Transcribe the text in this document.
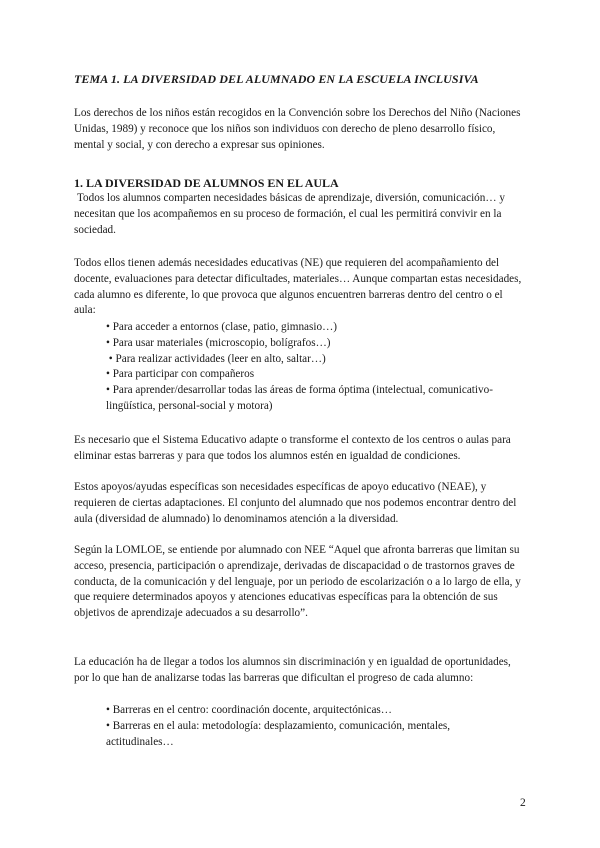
TEMA 1. LA DIVERSIDAD DEL ALUMNADO EN LA ESCUELA INCLUSIVA

Los derechos de los niños están recogidos en la Convención sobre los Derechos del Niño (Naciones Unidas, 1989) y reconoce que los niños son individuos con derecho de pleno desarrollo físico, mental y social, y con derecho a expresar sus opiniones.

1. LA DIVERSIDAD DE ALUMNOS EN EL AULA

Todos los alumnos comparten necesidades básicas de aprendizaje, diversión, comunicación… y necesitan que los acompañemos en su proceso de formación, el cual les permitirá convivir en la sociedad.

Todos ellos tienen además necesidades educativas (NE) que requieren del acompañamiento del docente, evaluaciones para detectar dificultades, materiales… Aunque compartan estas necesidades, cada alumno es diferente, lo que provoca que algunos encuentren barreras dentro del centro o el aula:

• Para acceder a entornos (clase, patio, gimnasio…)
• Para usar materiales (microscopio, bolígrafos…)
• Para realizar actividades (leer en alto, saltar…)
• Para participar con compañeros
• Para aprender/desarrollar todas las áreas de forma óptima (intelectual, comunicativo-lingüística, personal-social y motora)

Es necesario que el Sistema Educativo adapte o transforme el contexto de los centros o aulas para eliminar estas barreras y para que todos los alumnos estén en igualdad de condiciones.

Estos apoyos/ayudas específicas son necesidades específicas de apoyo educativo (NEAE), y requieren de ciertas adaptaciones. El conjunto del alumnado que nos podemos encontrar dentro del aula (diversidad de alumnado) lo denominamos atención a la diversidad.

Según la LOMLOE, se entiende por alumnado con NEE “Aquel que afronta barreras que limitan su acceso, presencia, participación o aprendizaje, derivadas de discapacidad o de trastornos graves de conducta, de la comunicación y del lenguaje, por un periodo de escolarización o a lo largo de ella, y que requiere determinados apoyos y atenciones educativas específicas para la obtención de sus objetivos de aprendizaje adecuados a su desarrollo”.

La educación ha de llegar a todos los alumnos sin discriminación y en igualdad de oportunidades, por lo que han de analizarse todas las barreras que dificultan el progreso de cada alumno:

• Barreras en el centro: coordinación docente, arquitectónicas…
• Barreras en el aula: metodología: desplazamiento, comunicación, mentales, actitudinales…
2
